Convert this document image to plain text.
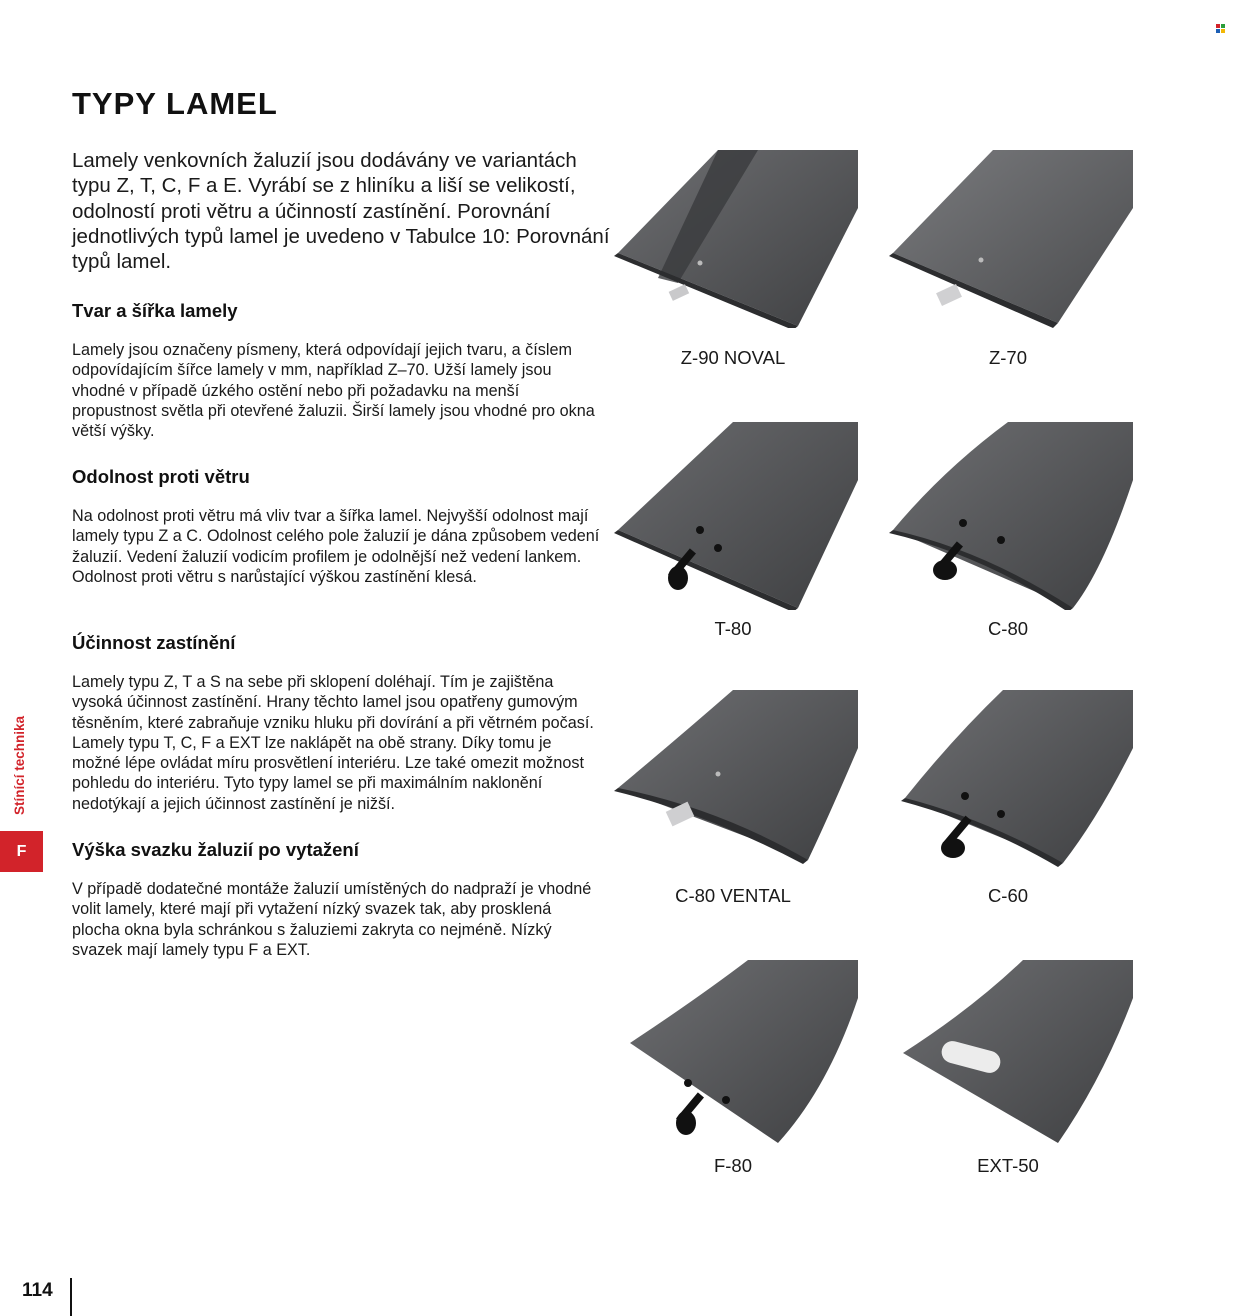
TYPY LAMEL

Lamely venkovních žaluzií jsou dodávány ve variantách typu Z, T, C, F a E. Vyrábí se z hliníku a liší se velikostí, odolností proti větru a účinností zastínění. Porovnání jednotlivých typů lamel je uvedeno v Tabulce 10: Porovnání typů lamel.

Tvar a šířka lamely

Lamely jsou označeny písmeny, která odpovídají jejich tvaru, a číslem odpovídajícím šířce lamely v mm, například Z–70. Užší lamely jsou vhodné v případě úzkého ostění nebo při požadavku na menší propustnost světla při otevřené žaluzii. Širší lamely jsou vhodné pro okna větší výšky.

Odolnost proti větru

Na odolnost proti větru má vliv tvar a šířka lamel. Nejvyšší odolnost mají lamely typu Z a C. Odolnost celého pole žaluzií je dána způsobem vedení žaluzií. Vedení žaluzií vodicím profilem je odolnější než vedení lankem. Odolnost proti větru s narůstající výškou zastínění klesá.

Účinnost zastínění

Lamely typu Z, T a S na sebe při sklopení doléhají. Tím je zajištěna vysoká účinnost zastínění. Hrany těchto lamel jsou opatřeny gumovým těsněním, které zabraňuje vzniku hluku při dovírání a při větrném počasí. Lamely typu T, C, F a EXT lze naklápět na obě strany. Díky tomu je možné lépe ovládat míru prosvětlení interiéru. Lze také omezit možnost pohledu do interiéru. Tyto typy lamel se při maximálním naklonění nedotýkají a jejich účinnost zastínění je nižší.

Výška svazku žaluzií po vytažení

V případě dodatečné montáže žaluzií umístěných do nadpraží je vhodné volit lamely, které mají při vytažení nízký svazek tak, aby prosklená plocha okna byla schránkou s žaluziemi zakryta co nejméně. Nízký svazek mají lamely typu F a EXT.

Z-90 NOVAL	Z-70
T-80	C-80
C-80 VENTAL	C-60
F-80	EXT-50
Stínící technika
F
114
